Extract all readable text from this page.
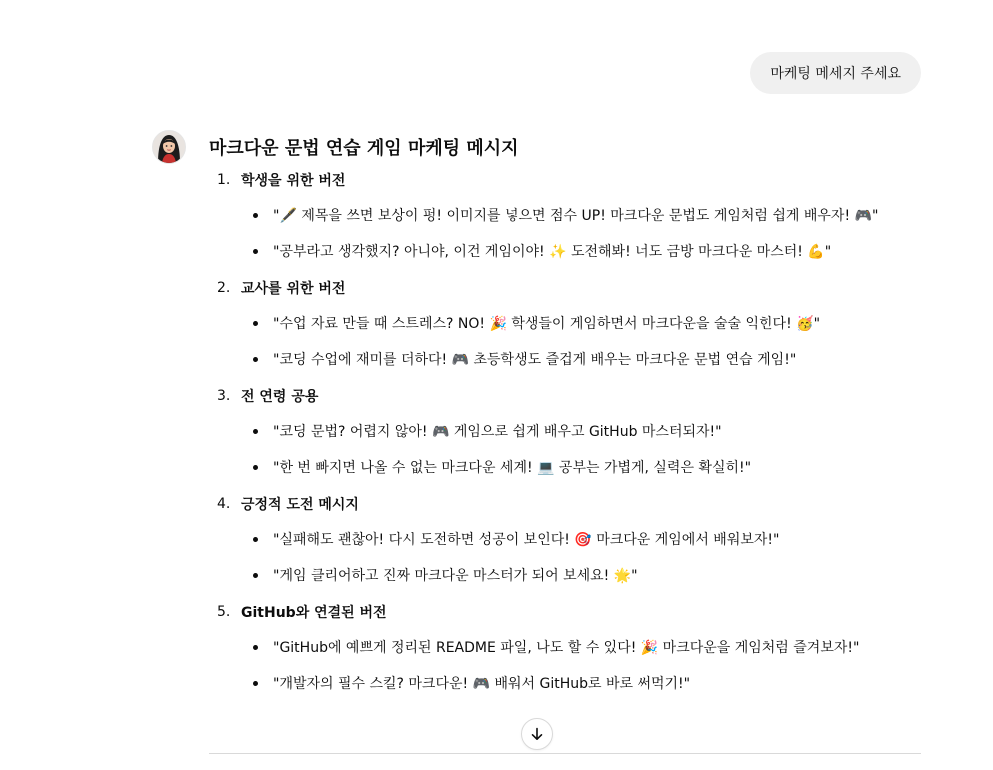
마케팅 메세지 주세요
마크다운 문법 연습 게임 마케팅 메시지
1. 학생을 위한 버전
"🖋️ 제목을 쓰면 보상이 펑! 이미지를 넣으면 점수 UP! 마크다운 문법도 게임처럼 쉽게 배우자! 🎮"
"공부라고 생각했지? 아니야, 이건 게임이야! ✨ 도전해봐! 너도 금방 마크다운 마스터! 💪"
2. 교사를 위한 버전
"수업 자료 만들 때 스트레스? NO! 🎉 학생들이 게임하면서 마크다운을 술술 익힌다! 🥳"
"코딩 수업에 재미를 더하다! 🎮 초등학생도 즐겁게 배우는 마크다운 문법 연습 게임!"
3. 전 연령 공용
"코딩 문법? 어렵지 않아! 🎮 게임으로 쉽게 배우고 GitHub 마스터되자!"
"한 번 빠지면 나올 수 없는 마크다운 세계! 💻 공부는 가볍게, 실력은 확실히!"
4. 긍정적 도전 메시지
"실패해도 괜찮아! 다시 도전하면 성공이 보인다! 🎯 마크다운 게임에서 배워보자!"
"게임 클리어하고 진짜 마크다운 마스터가 되어 보세요! 🌟"
5. GitHub와 연결된 버전
"GitHub에 예쁘게 정리된 README 파일, 나도 할 수 있다! 🎉 마크다운을 게임처럼 즐겨보자!"
"개발자의 필수 스킬? 마크다운! 🎮 배워서 GitHub로 바로 써먹기!"
